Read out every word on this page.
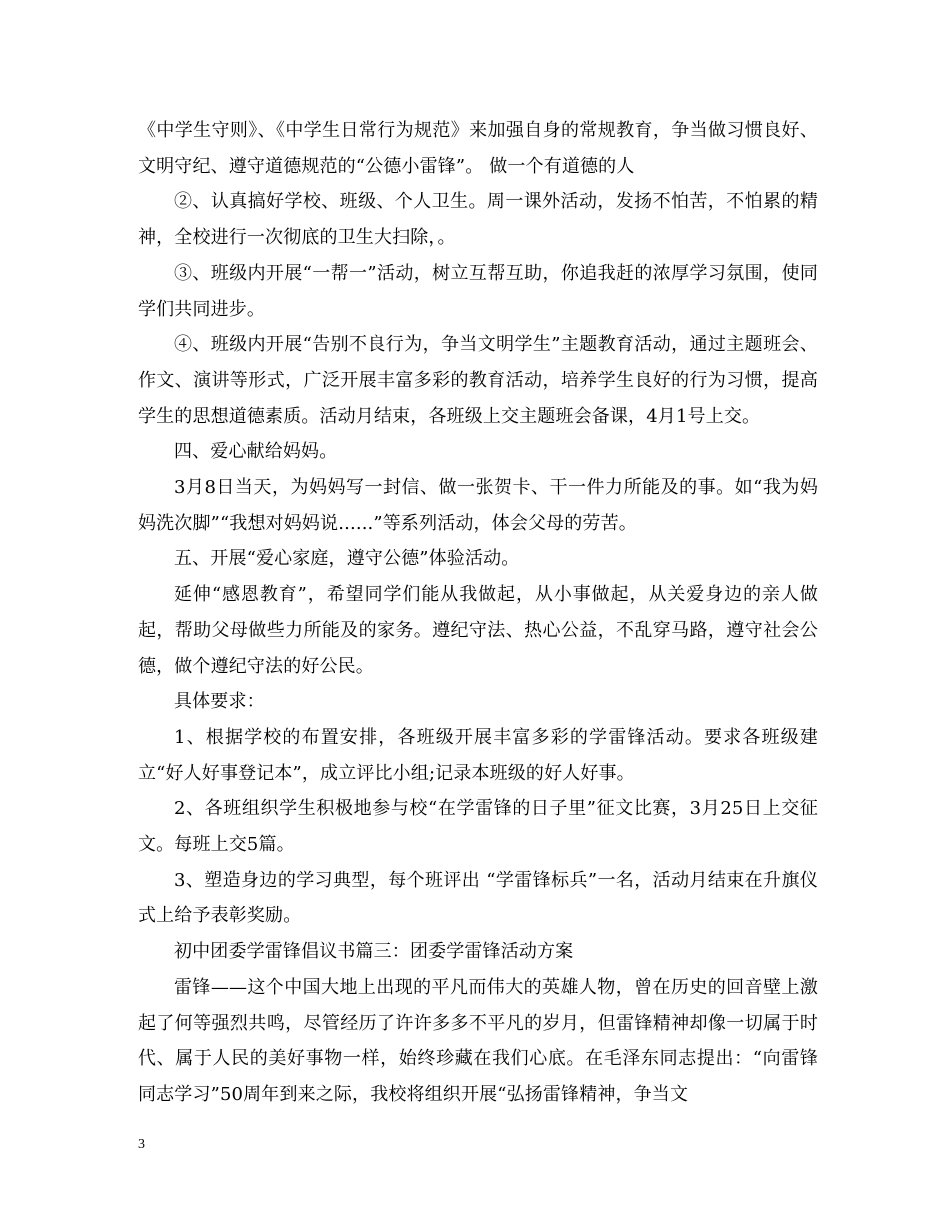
《中学生守则》、《中学生日常行为规范》来加强自身的常规教育，争当做习惯良好、文明守纪、遵守道德规范的“公德小雷锋”。 做一个有道德的人

②、认真搞好学校、班级、个人卫生。周一课外活动，发扬不怕苦，不怕累的精神，全校进行一次彻底的卫生大扫除，。

③、班级内开展“一帮一”活动，树立互帮互助，你追我赶的浓厚学习氛围，使同学们共同进步。

④、班级内开展“告别不良行为，争当文明学生”主题教育活动，通过主题班会、作文、演讲等形式，广泛开展丰富多彩的教育活动，培养学生良好的行为习惯，提高学生的思想道德素质。活动月结束，各班级上交主题班会备课，4月1号上交。

四、爱心献给妈妈。

3月8日当天，为妈妈写一封信、做一张贺卡、干一件力所能及的事。如“我为妈妈洗次脚”“我想对妈妈说......”等系列活动，体会父母的劳苦。

五、开展“爱心家庭，遵守公德”体验活动。

延伸“感恩教育”，希望同学们能从我做起，从小事做起，从关爱身边的亲人做起，帮助父母做些力所能及的家务。遵纪守法、热心公益，不乱穿马路，遵守社会公德，做个遵纪守法的好公民。

具体要求：

1、根据学校的布置安排，各班级开展丰富多彩的学雷锋活动。要求各班级建立“好人好事登记本”，成立评比小组;记录本班级的好人好事。

2、各班组织学生积极地参与校“在学雷锋的日子里”征文比赛，3月25日上交征文。每班上交5篇。

3、塑造身边的学习典型，每个班评出 “学雷锋标兵”一名，活动月结束在升旗仪式上给予表彰奖励。

初中团委学雷锋倡议书篇三：团委学雷锋活动方案

雷锋——这个中国大地上出现的平凡而伟大的英雄人物，曾在历史的回音壁上激起了何等强烈共鸣，尽管经历了许许多多不平凡的岁月，但雷锋精神却像一切属于时代、属于人民的美好事物一样，始终珍藏在我们心底。在毛泽东同志提出：“向雷锋同志学习”50周年到来之际，我校将组织开展“弘扬雷锋精神，争当文

3
